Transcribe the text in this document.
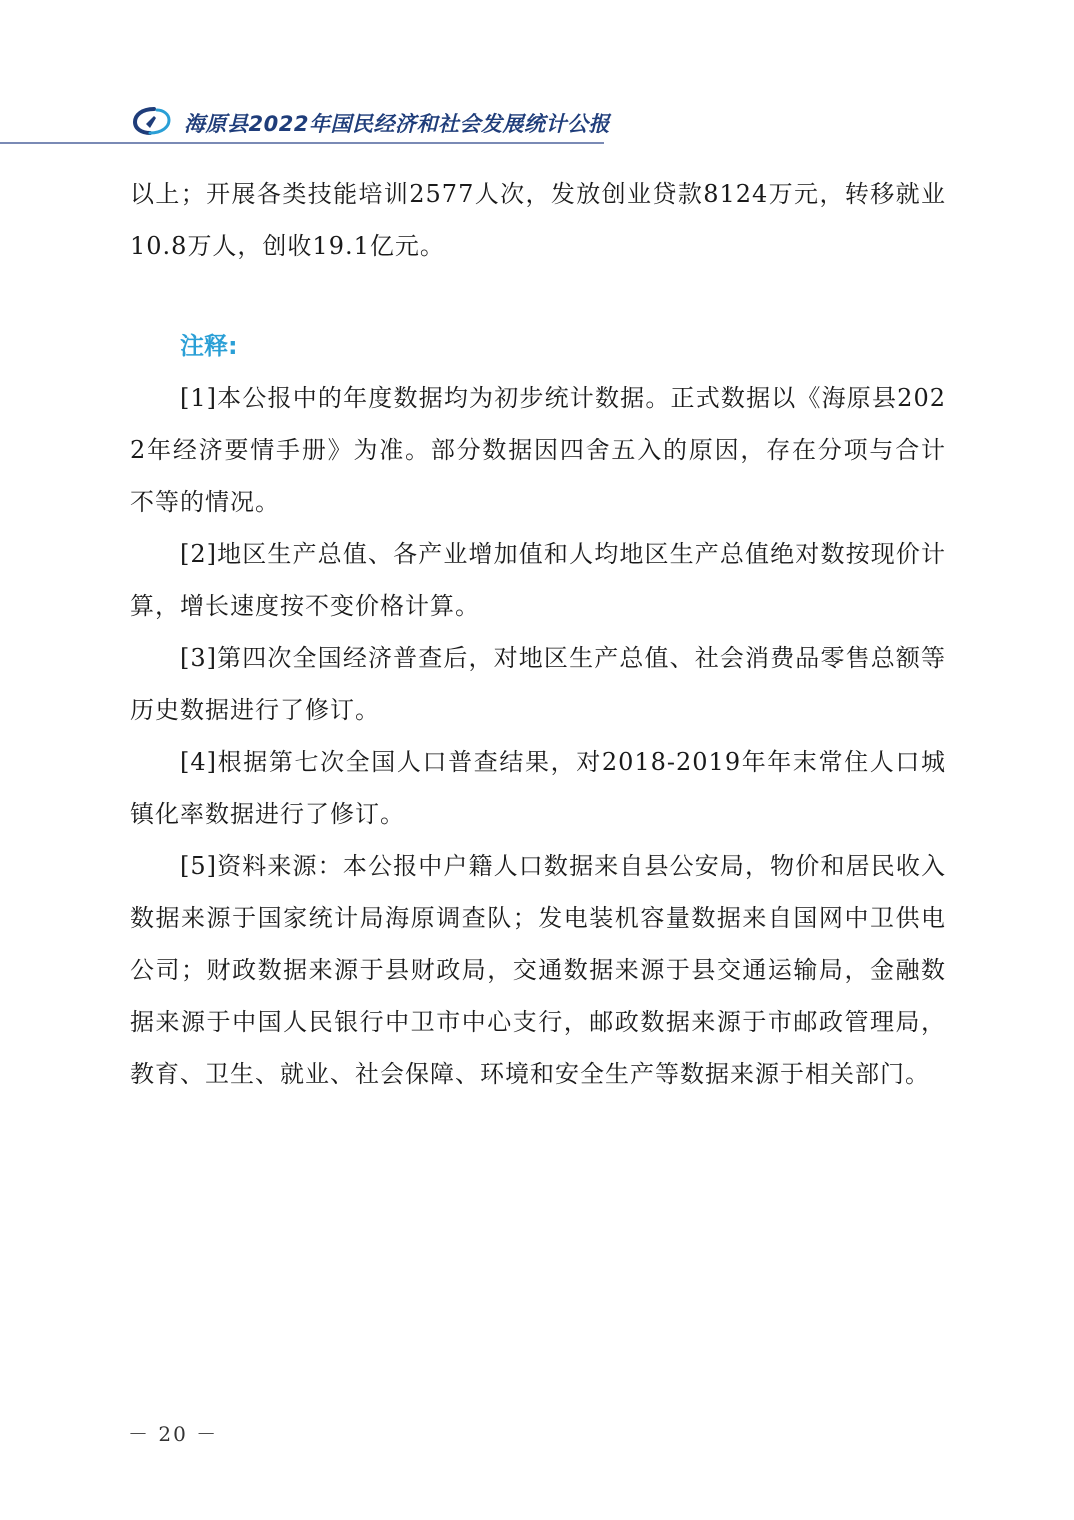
海原县2022年国民经济和社会发展统计公报

以上；开展各类技能培训2577人次，发放创业贷款8124万元，转移就业10.8万人，创收19.1亿元。

注释:

[1]本公报中的年度数据均为初步统计数据。正式数据以《海原县2022年经济要情手册》为准。部分数据因四舍五入的原因，存在分项与合计不等的情况。

[2]地区生产总值、各产业增加值和人均地区生产总值绝对数按现价计算，增长速度按不变价格计算。

[3]第四次全国经济普查后，对地区生产总值、社会消费品零售总额等历史数据进行了修订。

[4]根据第七次全国人口普查结果，对2018-2019年年末常住人口城镇化率数据进行了修订。

[5]资料来源：本公报中户籍人口数据来自县公安局，物价和居民收入数据来源于国家统计局海原调查队；发电装机容量数据来自国网中卫供电公司；财政数据来源于县财政局，交通数据来源于县交通运输局，金融数据来源于中国人民银行中卫市中心支行，邮政数据来源于市邮政管理局，教育、卫生、就业、社会保障、环境和安全生产等数据来源于相关部门。

－ 20 －
